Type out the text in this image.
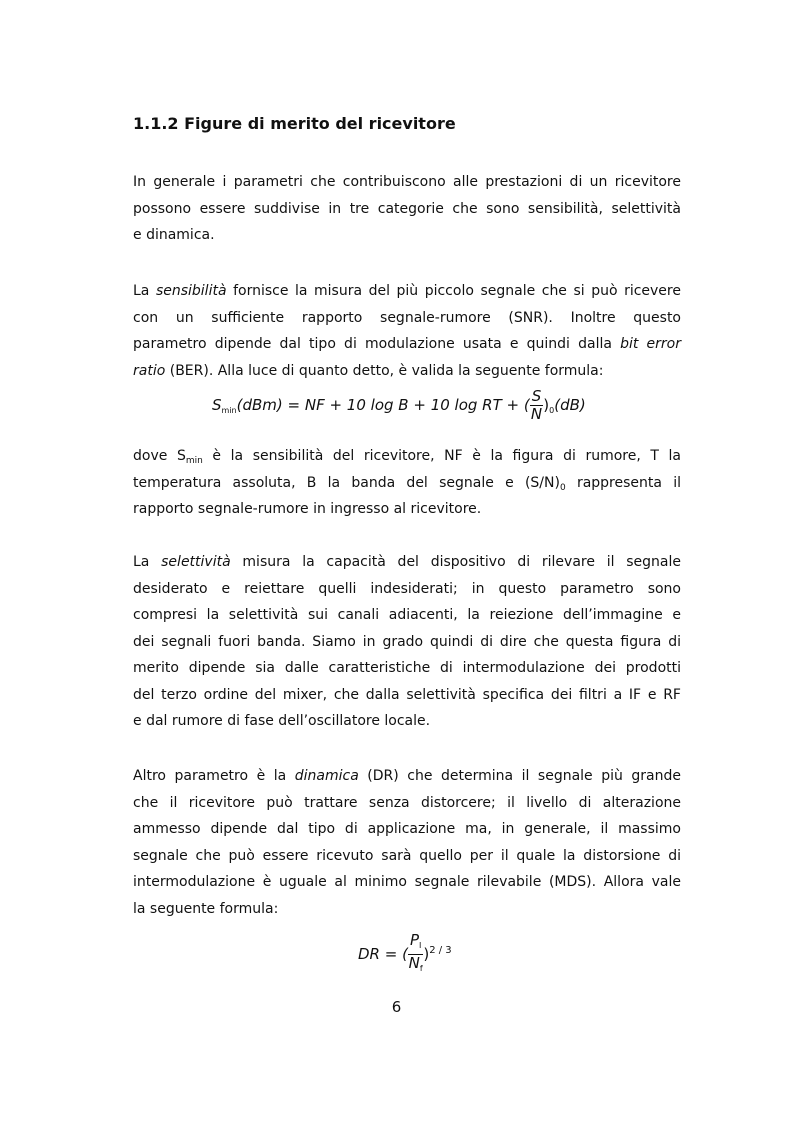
1.1.2 Figure di merito del ricevitore
In generale i parametri che contribuiscono alle prestazioni di un ricevitore
possono essere suddivise in tre categorie che sono sensibilità, selettività
e dinamica.
La sensibilità fornisce la misura del più piccolo segnale che si può ricevere
con un sufficiente rapporto segnale-rumore (SNR). Inoltre questo
parametro dipende dal tipo di modulazione usata e quindi dalla bit error
ratio (BER). Alla luce di quanto detto, è valida la seguente formula:
$S_{min}(dBm)$ = NF + 10 log B + 10 log RT + ( $\frac{S}{N} )_0(dB)$
dove $S_{min}$ è la sensibilità del ricevitore, NF è la figura di rumore, T la
temperatura assoluta, B la banda del segnale e $(S/N)_0$ rappresenta il
rapporto segnale-rumore in ingresso al ricevitore.
La selettività misura la capacità del dispositivo di rilevare il segnale
desiderato e reiettare quelli indesiderati; in questo parametro sono
compresi la selettività sui canali adiacenti, la reiezione dell’immagine e
dei segnali fuori banda. Siamo in grado quindi di dire che questa figura di
merito dipende sia dalle caratteristiche di intermodulazione dei prodotti
del terzo ordine del mixer, che dalla selettività specifica dei filtri a IF e RF
e dal rumore di fase dell’oscillatore locale.
Altro parametro è la dinamica (DR) che determina il segnale più grande
che il ricevitore può trattare senza distorcere; il livello di alterazione
ammesso dipende dal tipo di applicazione ma, in generale, il massimo
segnale che può essere ricevuto sarà quello per il quale la distorsione di
intermodulazione è uguale al minimo segnale rilevabile (MDS). Allora vale
la seguente formula:
DR = ( $\frac{P_I}{N_f} )^{2 / 3}$
6
